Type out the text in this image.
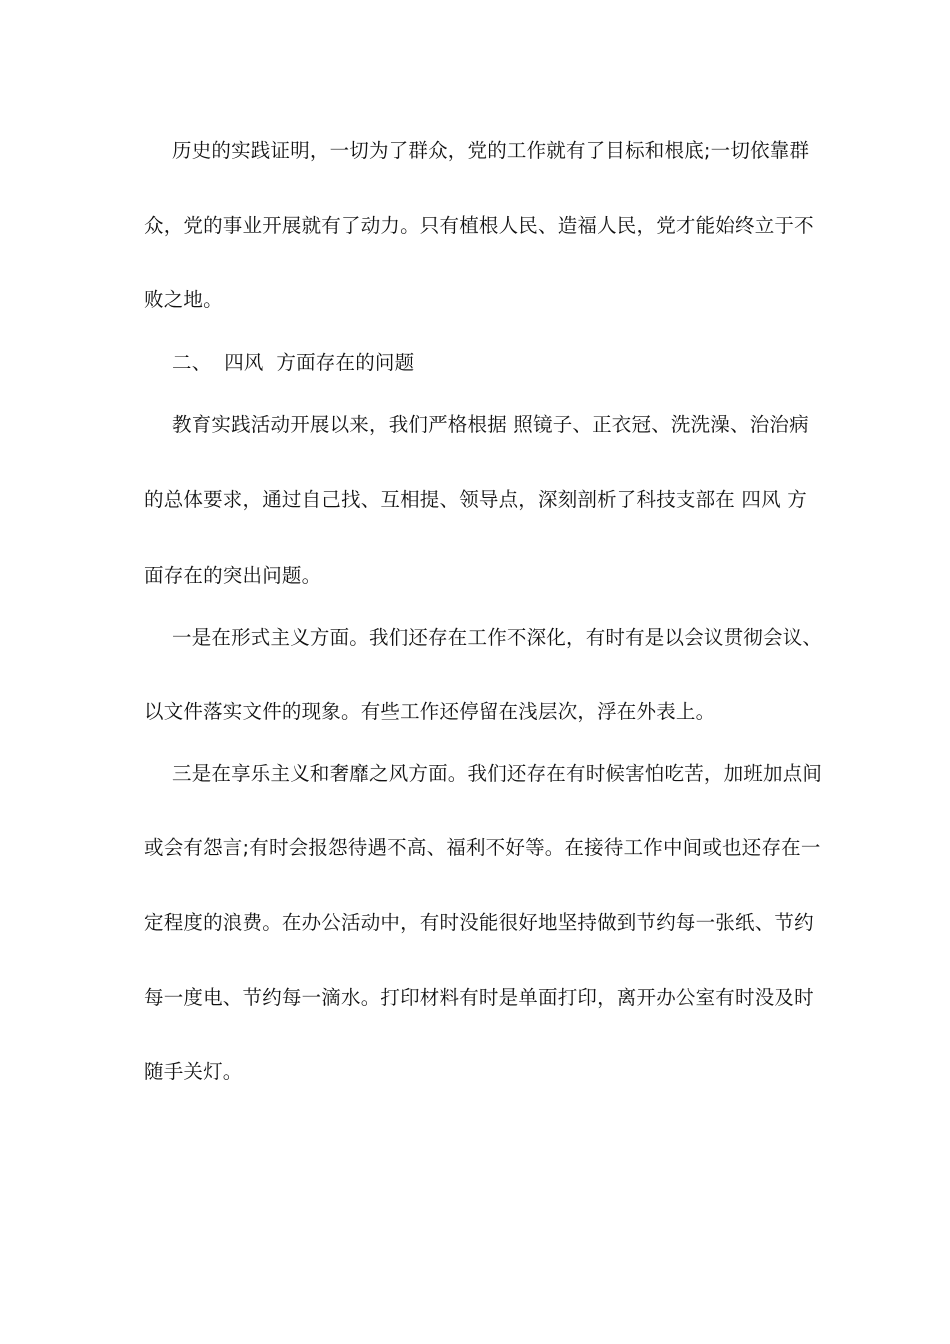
历史的实践证明，一切为了群众，党的工作就有了目标和根底;一切依靠群
众，党的事业开展就有了动力。只有植根人民、造福人民，党才能始终立于不
败之地。
二、  四风  方面存在的问题
教育实践活动开展以来，我们严格根据 照镜子、正衣冠、洗洗澡、治治病
的总体要求，通过自己找、互相提、领导点，深刻剖析了科技支部在 四风 方
面存在的突出问题。
一是在形式主义方面。我们还存在工作不深化，有时有是以会议贯彻会议、
以文件落实文件的现象。有些工作还停留在浅层次，浮在外表上。
三是在享乐主义和奢靡之风方面。我们还存在有时候害怕吃苦，加班加点间
或会有怨言;有时会报怨待遇不高、福利不好等。在接待工作中间或也还存在一
定程度的浪费。在办公活动中，有时没能很好地坚持做到节约每一张纸、节约
每一度电、节约每一滴水。打印材料有时是单面打印，离开办公室有时没及时
随手关灯。
